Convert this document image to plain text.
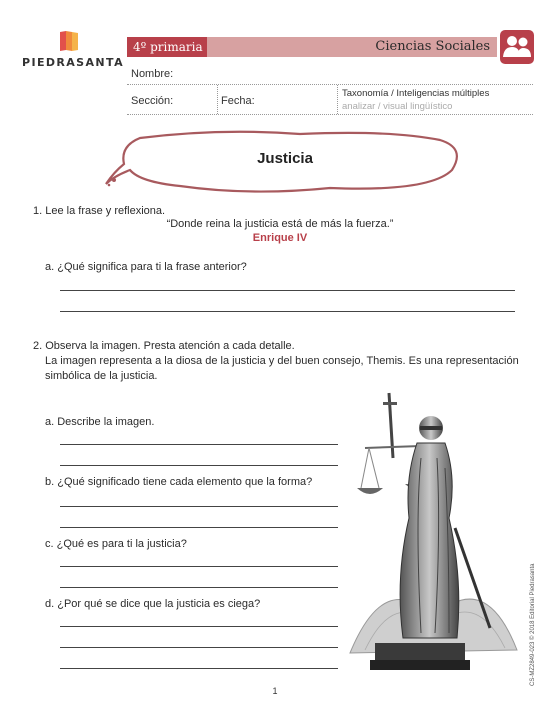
PIEDRASANTA
4º primaria	Ciencias Sociales
Nombre:
Sección:	Fecha:
Taxonomía / Inteligencias múltiples
analizar / visual lingüístico
Justicia
1. Lee la frase y reflexiona.
“Donde reina la justicia está de más la fuerza.”
Enrique IV
a. ¿Qué significa para ti la frase anterior?
2. Observa la imagen. Presta atención a cada detalle.
La imagen representa a la diosa de la justicia y del buen consejo, Themis. Es una representación
simbólica de la justicia.
a. Describe la imagen.
b. ¿Qué significado tiene cada elemento que la forma?
c. ¿Qué es para ti la justicia?
d. ¿Por qué se dice que la justicia es ciega?	CS-MZ2849-023 © 2018 Editorial Piedrasanta
1
